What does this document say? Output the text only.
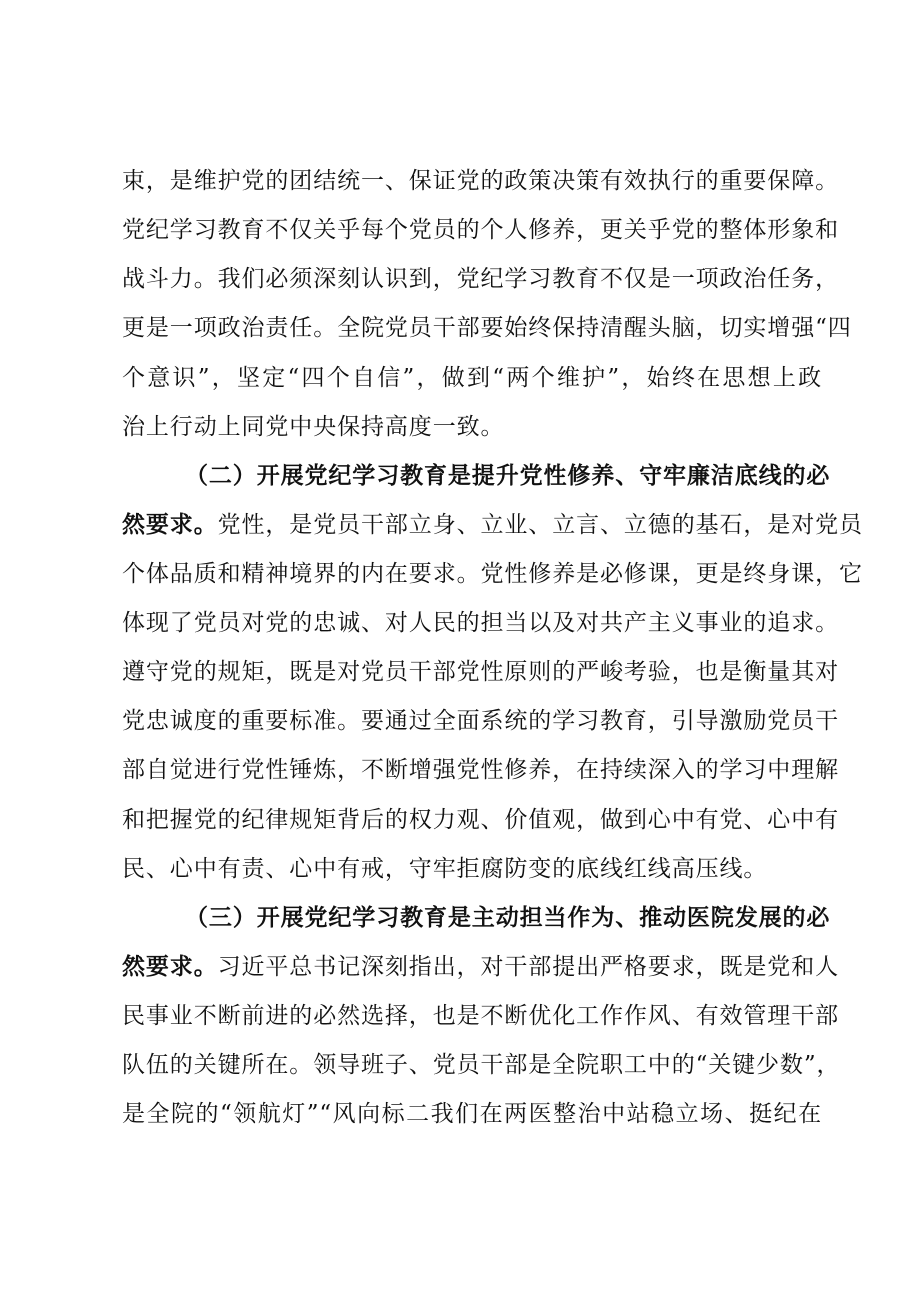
束，是维护党的团结统一、保证党的政策决策有效执行的重要保障。
党纪学习教育不仅关乎每个党员的个人修养，更关乎党的整体形象和
战斗力。我们必须深刻认识到，党纪学习教育不仅是一项政治任务，
更是一项政治责任。全院党员干部要始终保持清醒头脑，切实增强“四
个意识”，坚定“四个自信”，做到“两个维护”，始终在思想上政
治上行动上同党中央保持高度一致。
（二）开展党纪学习教育是提升党性修养、守牢廉洁底线的必
然要求。党性，是党员干部立身、立业、立言、立德的基石，是对党员
个体品质和精神境界的内在要求。党性修养是必修课，更是终身课，它
体现了党员对党的忠诚、对人民的担当以及对共产主义事业的追求。
遵守党的规矩，既是对党员干部党性原则的严峻考验，也是衡量其对
党忠诚度的重要标准。要通过全面系统的学习教育，引导激励党员干
部自觉进行党性锤炼，不断增强党性修养，在持续深入的学习中理解
和把握党的纪律规矩背后的权力观、价值观，做到心中有党、心中有
民、心中有责、心中有戒，守牢拒腐防变的底线红线高压线。
（三）开展党纪学习教育是主动担当作为、推动医院发展的必
然要求。习近平总书记深刻指出，对干部提出严格要求，既是党和人
民事业不断前进的必然选择，也是不断优化工作作风、有效管理干部
队伍的关键所在。领导班子、党员干部是全院职工中的“关键少数”，
是全院的“领航灯”“风向标二我们在两医整治中站稳立场、挺纪在
